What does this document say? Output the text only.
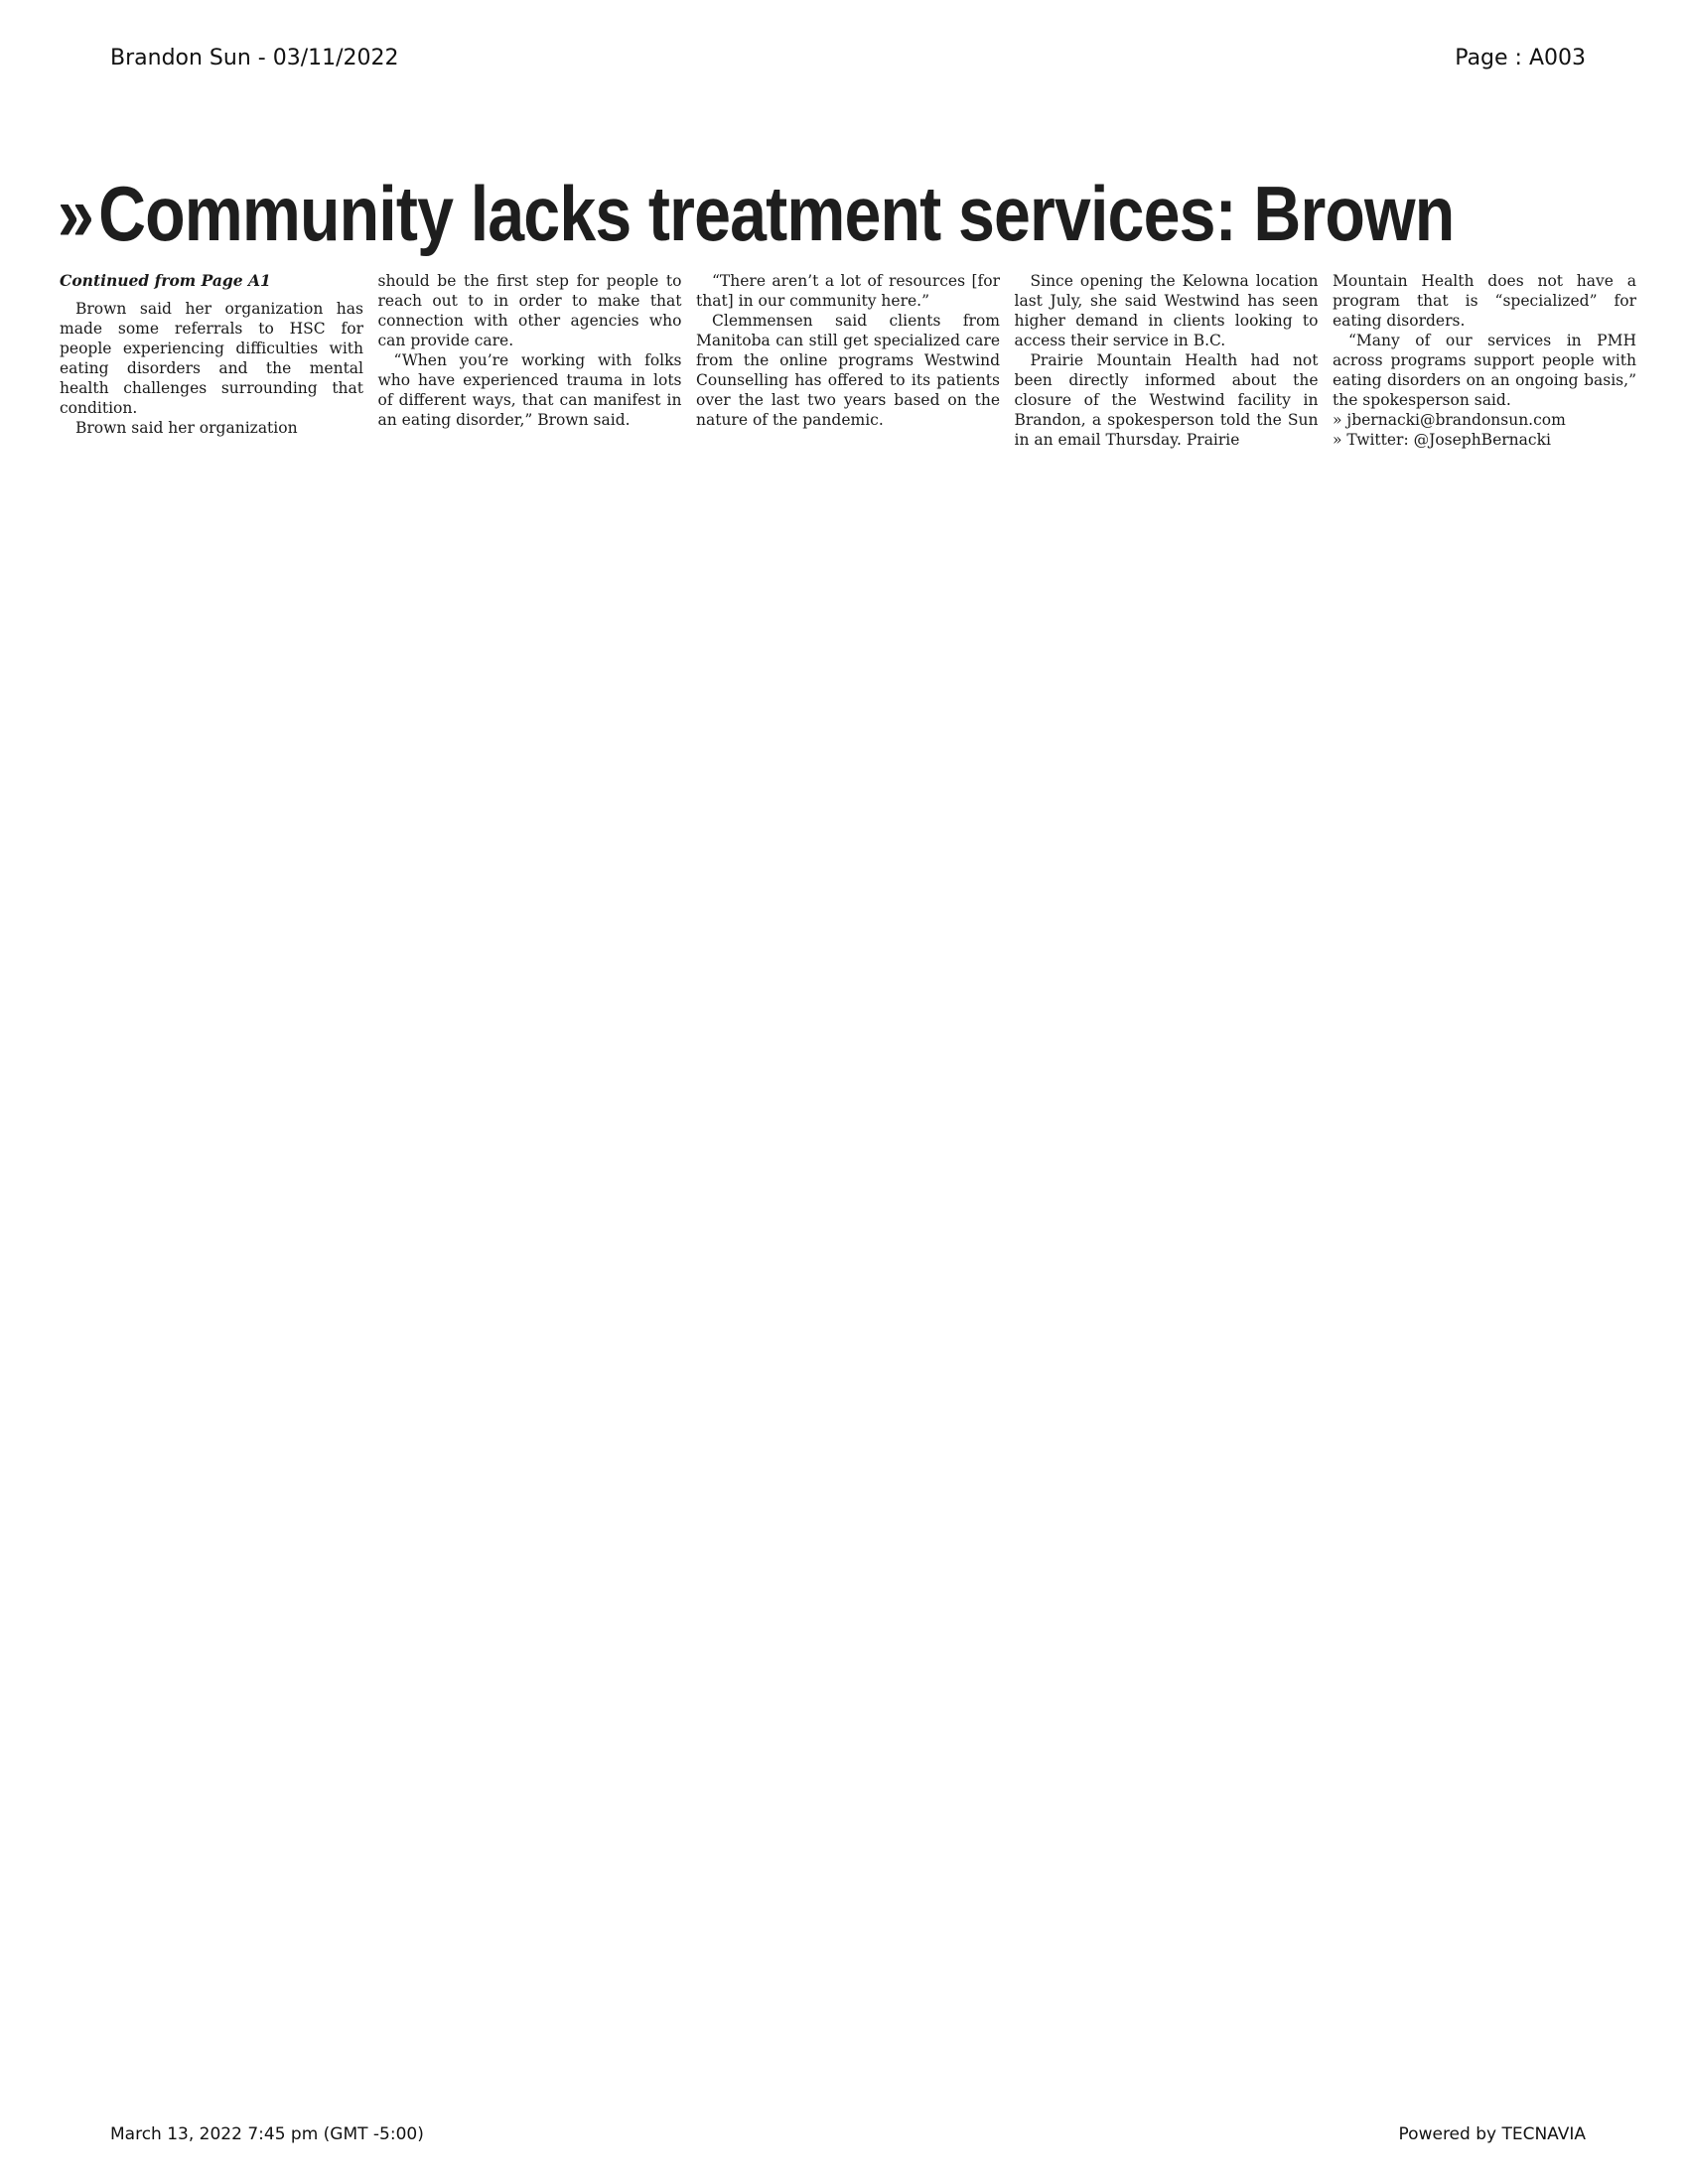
Brandon Sun - 03/11/2022	Page : A003
»Community lacks treatment services: Brown

Continued from Page A1

Brown said her organization has made some referrals to HSC for people experiencing difficulties with eating disorders and the mental health challenges surrounding that condition.

Brown said her organization

should be the first step for people to reach out to in order to make that connection with other agencies who can provide care.

“When you’re working with folks who have experienced trauma in lots of different ways, that can manifest in an eating disorder,” Brown said.

“There aren’t a lot of resources [for that] in our community here.”

Clemmensen said clients from Manitoba can still get specialized care from the online programs Westwind Counselling has offered to its patients over the last two years based on the nature of the pandemic.

Since opening the Kelowna location last July, she said Westwind has seen higher demand in clients looking to access their service in B.C.

Prairie Mountain Health had not been directly informed about the closure of the Westwind facility in Brandon, a spokesperson told the Sun in an email Thursday. Prairie

Mountain Health does not have a program that is “specialized” for eating disorders.

“Many of our services in PMH across programs support people with eating disorders on an ongoing basis,” the spokesperson said.

» jbernacki@brandonsun.com

» Twitter: @JosephBernacki

March 13, 2022 7:45 pm (GMT -5:00)	Powered by TECNAVIA
